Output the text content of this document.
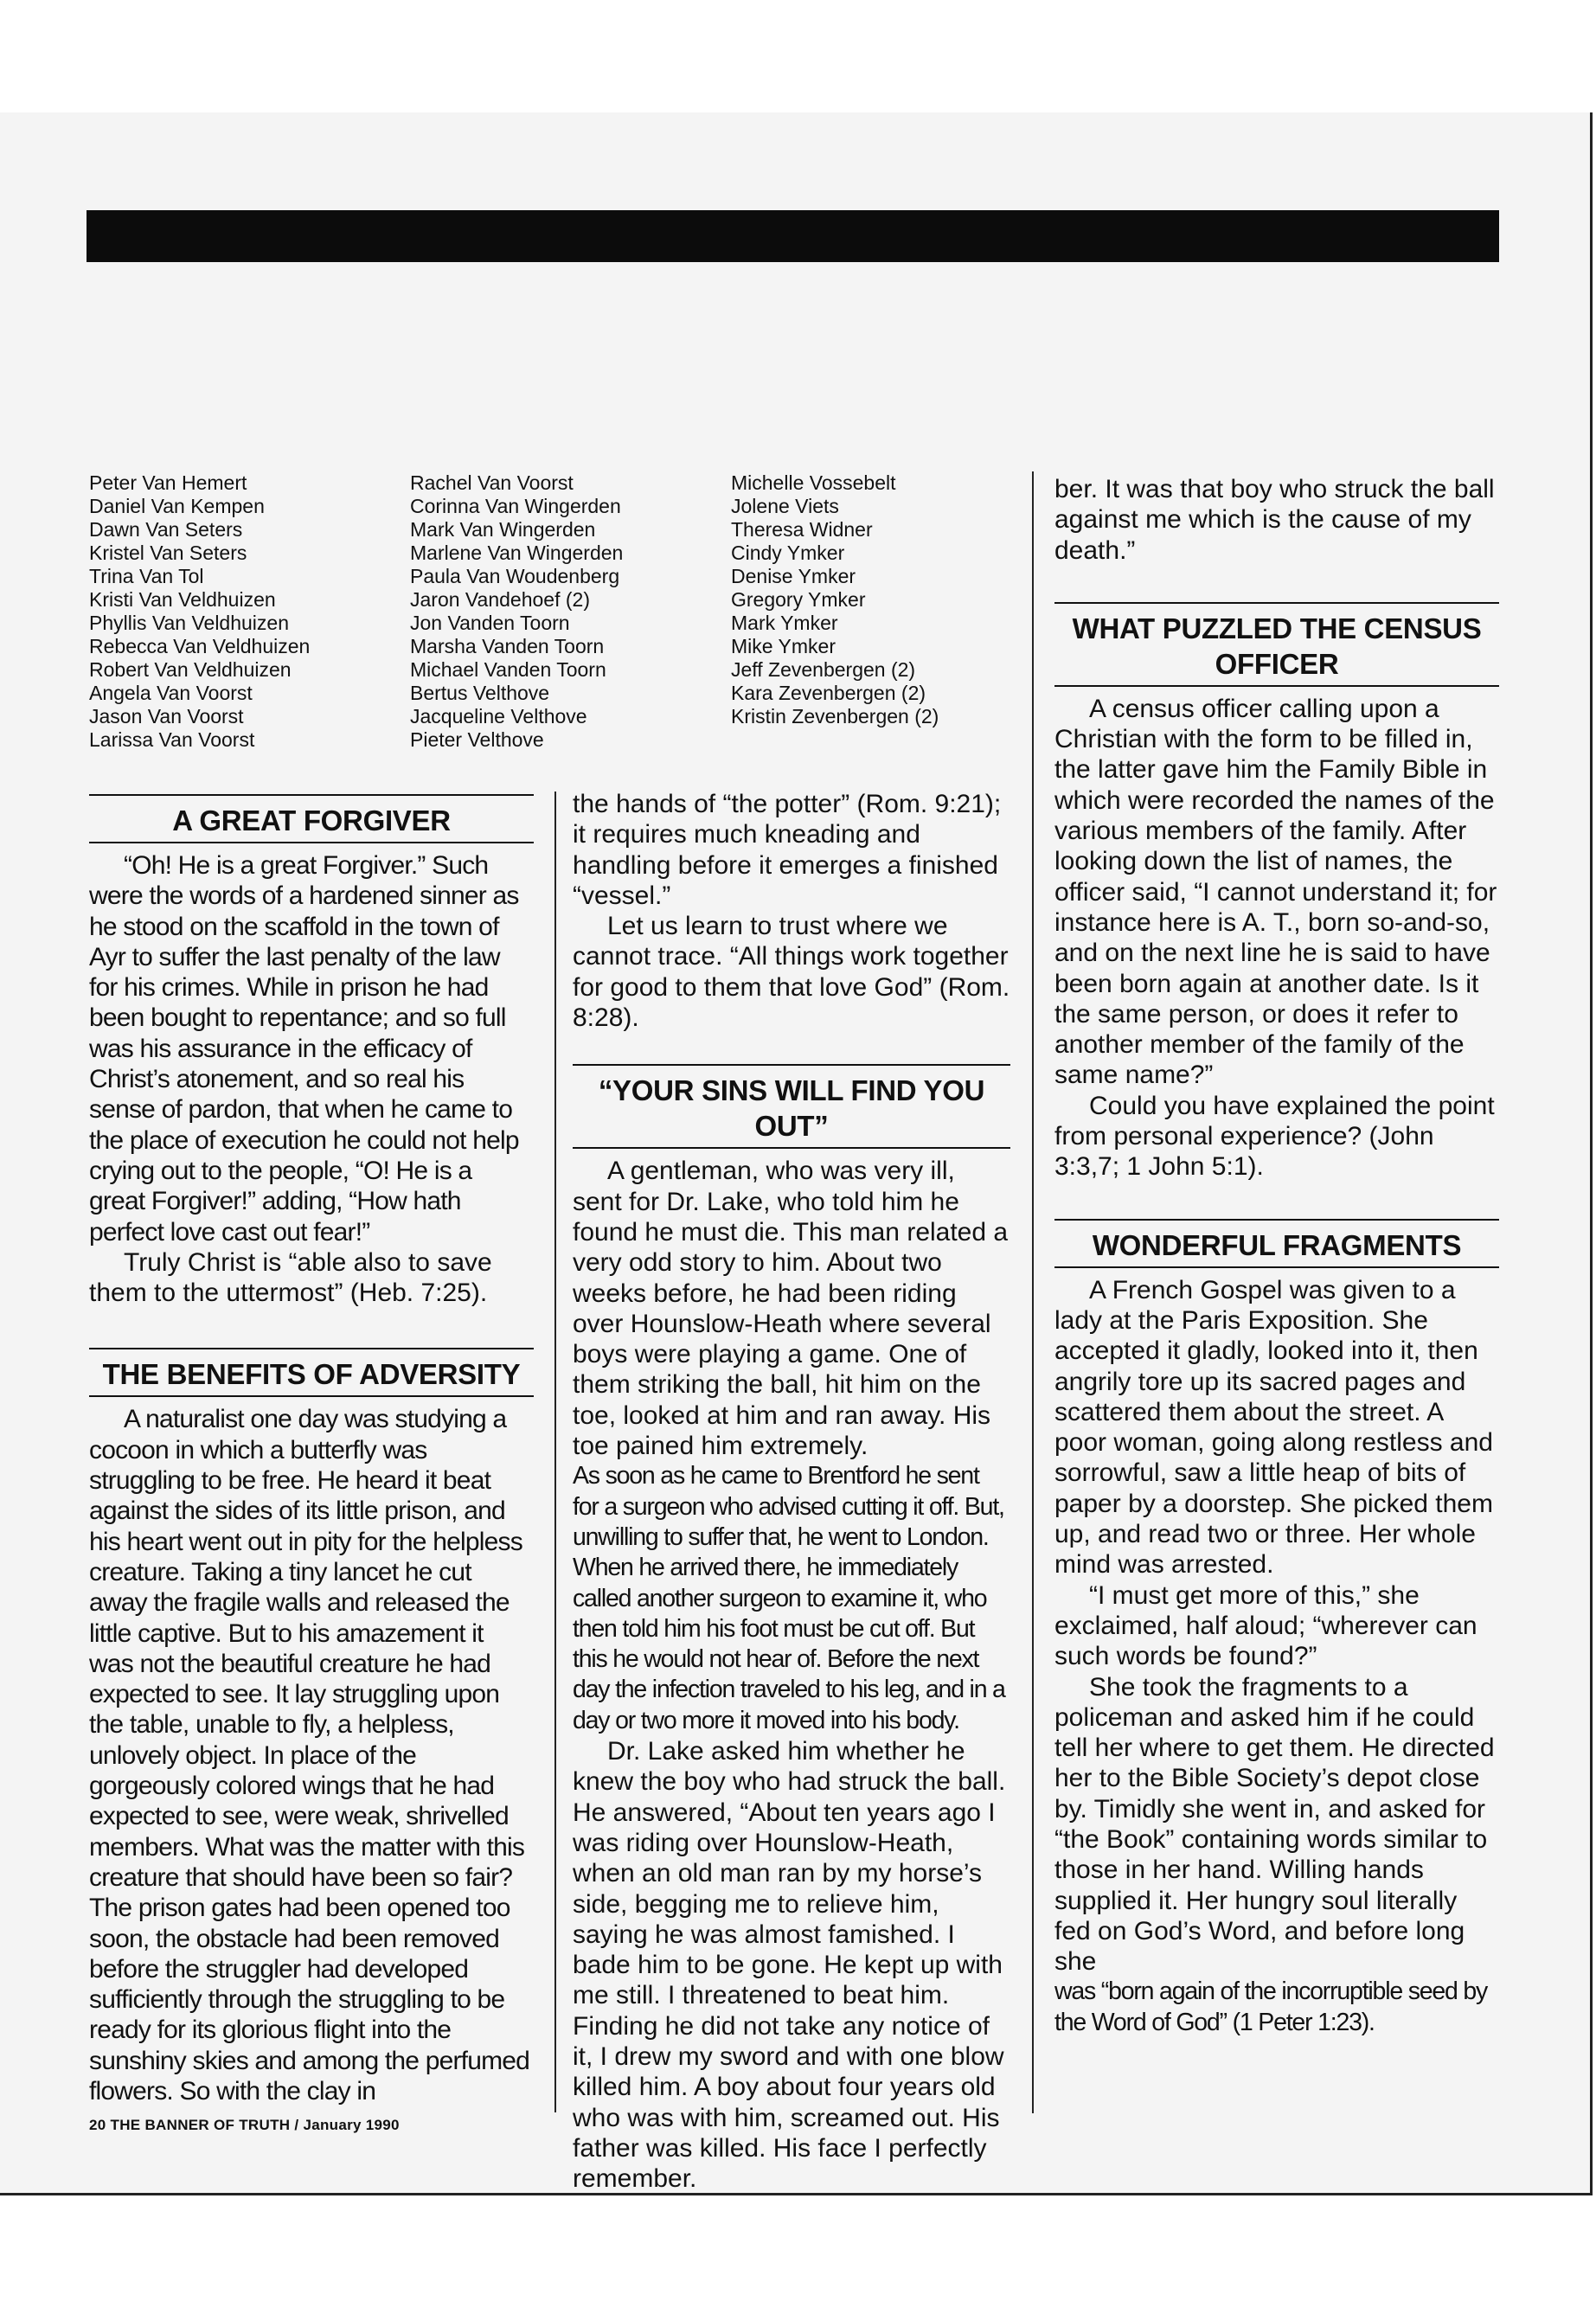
Peter Van Hemert
Daniel Van Kempen
Dawn Van Seters
Kristel Van Seters
Trina Van Tol
Kristi Van Veldhuizen
Phyllis Van Veldhuizen
Rebecca Van Veldhuizen
Robert Van Veldhuizen
Angela Van Voorst
Jason Van Voorst
Larissa Van Voorst
Rachel Van Voorst
Corinna Van Wingerden
Mark Van Wingerden
Marlene Van Wingerden
Paula Van Woudenberg
Jaron Vandehoef (2)
Jon Vanden Toorn
Marsha Vanden Toorn
Michael Vanden Toorn
Bertus Velthove
Jacqueline Velthove
Pieter Velthove
Michelle Vossebelt
Jolene Viets
Theresa Widner
Cindy Ymker
Denise Ymker
Gregory Ymker
Mark Ymker
Mike Ymker
Jeff Zevenbergen (2)
Kara Zevenbergen (2)
Kristin Zevenbergen (2)
A GREAT FORGIVER

“Oh! He is a great Forgiver.” Such were the words of a hardened sinner as he stood on the scaffold in the town of Ayr to suffer the last penalty of the law for his crimes. While in prison he had been bought to repentance; and so full was his assurance in the efficacy of Christ’s atonement, and so real his sense of pardon, that when he came to the place of execution he could not help crying out to the people, “O! He is a great Forgiver!” adding, “How hath perfect love cast out fear!”

Truly Christ is “able also to save them to the uttermost” (Heb. 7:25).

THE BENEFITS OF ADVERSITY

A naturalist one day was studying a cocoon in which a butterfly was struggling to be free. He heard it beat against the sides of its little prison, and his heart went out in pity for the helpless creature. Taking a tiny lancet he cut away the fragile walls and released the little captive. But to his amazement it was not the beautiful creature he had expected to see. It lay struggling upon the table, unable to fly, a helpless, unlovely object. In place of the gorgeously colored wings that he had expected to see, were weak, shrivelled members. What was the matter with this creature that should have been so fair? The prison gates had been opened too soon, the obstacle had been removed before the struggler had developed sufficiently through the struggling to be ready for its glorious flight into the sunshiny skies and among the perfumed flowers. So with the clay in

the hands of “the potter” (Rom. 9:21); it requires much kneading and handling before it emerges a finished “vessel.”

Let us learn to trust where we cannot trace. “All things work together for good to them that love God” (Rom. 8:28).

“YOUR SINS WILL FIND YOU OUT”

A gentleman, who was very ill, sent for Dr. Lake, who told him he found he must die. This man related a very odd story to him. About two weeks before, he had been riding over Hounslow-Heath where several boys were playing a game. One of them striking the ball, hit him on the toe, looked at him and ran away. His toe pained him extremely.

As soon as he came to Brentford he sent for a surgeon who advised cutting it off. But, unwilling to suffer that, he went to London. When he arrived there, he immediately called another surgeon to examine it, who then told him his foot must be cut off. But this he would not hear of. Before the next day the infection traveled to his leg, and in a day or two more it moved into his body.

Dr. Lake asked him whether he knew the boy who had struck the ball. He answered, “About ten years ago I was riding over Hounslow-Heath, when an old man ran by my horse’s side, begging me to relieve him, saying he was almost famished. I bade him to be gone. He kept up with me still. I threatened to beat him. Finding he did not take any notice of it, I drew my sword and with one blow killed him. A boy about four years old who was with him, screamed out. His father was killed. His face I perfectly remember.

ber. It was that boy who struck the ball against me which is the cause of my death.”

WHAT PUZZLED THE CENSUS OFFICER

A census officer calling upon a Christian with the form to be filled in, the latter gave him the Family Bible in which were recorded the names of the various members of the family. After looking down the list of names, the officer said, “I cannot understand it; for instance here is A. T., born so-and-so, and on the next line he is said to have been born again at another date. Is it the same person, or does it refer to another member of the family of the same name?”

Could you have explained the point from personal experience? (John 3:3,7; 1 John 5:1).

WONDERFUL FRAGMENTS

A French Gospel was given to a lady at the Paris Exposition. She accepted it gladly, looked into it, then angrily tore up its sacred pages and scattered them about the street. A poor woman, going along restless and sorrowful, saw a little heap of bits of paper by a doorstep. She picked them up, and read two or three. Her whole mind was arrested.

“I must get more of this,” she exclaimed, half aloud; “wherever can such words be found?”

She took the fragments to a policeman and asked him if he could tell her where to get them. He directed her to the Bible Society’s depot close by. Timidly she went in, and asked for “the Book” containing words similar to those in her hand. Willing hands supplied it. Her hungry soul literally fed on God’s Word, and before long she

was “born again of the incorruptible seed by the Word of God” (1 Peter 1:23).

20 THE BANNER OF TRUTH / January 1990
